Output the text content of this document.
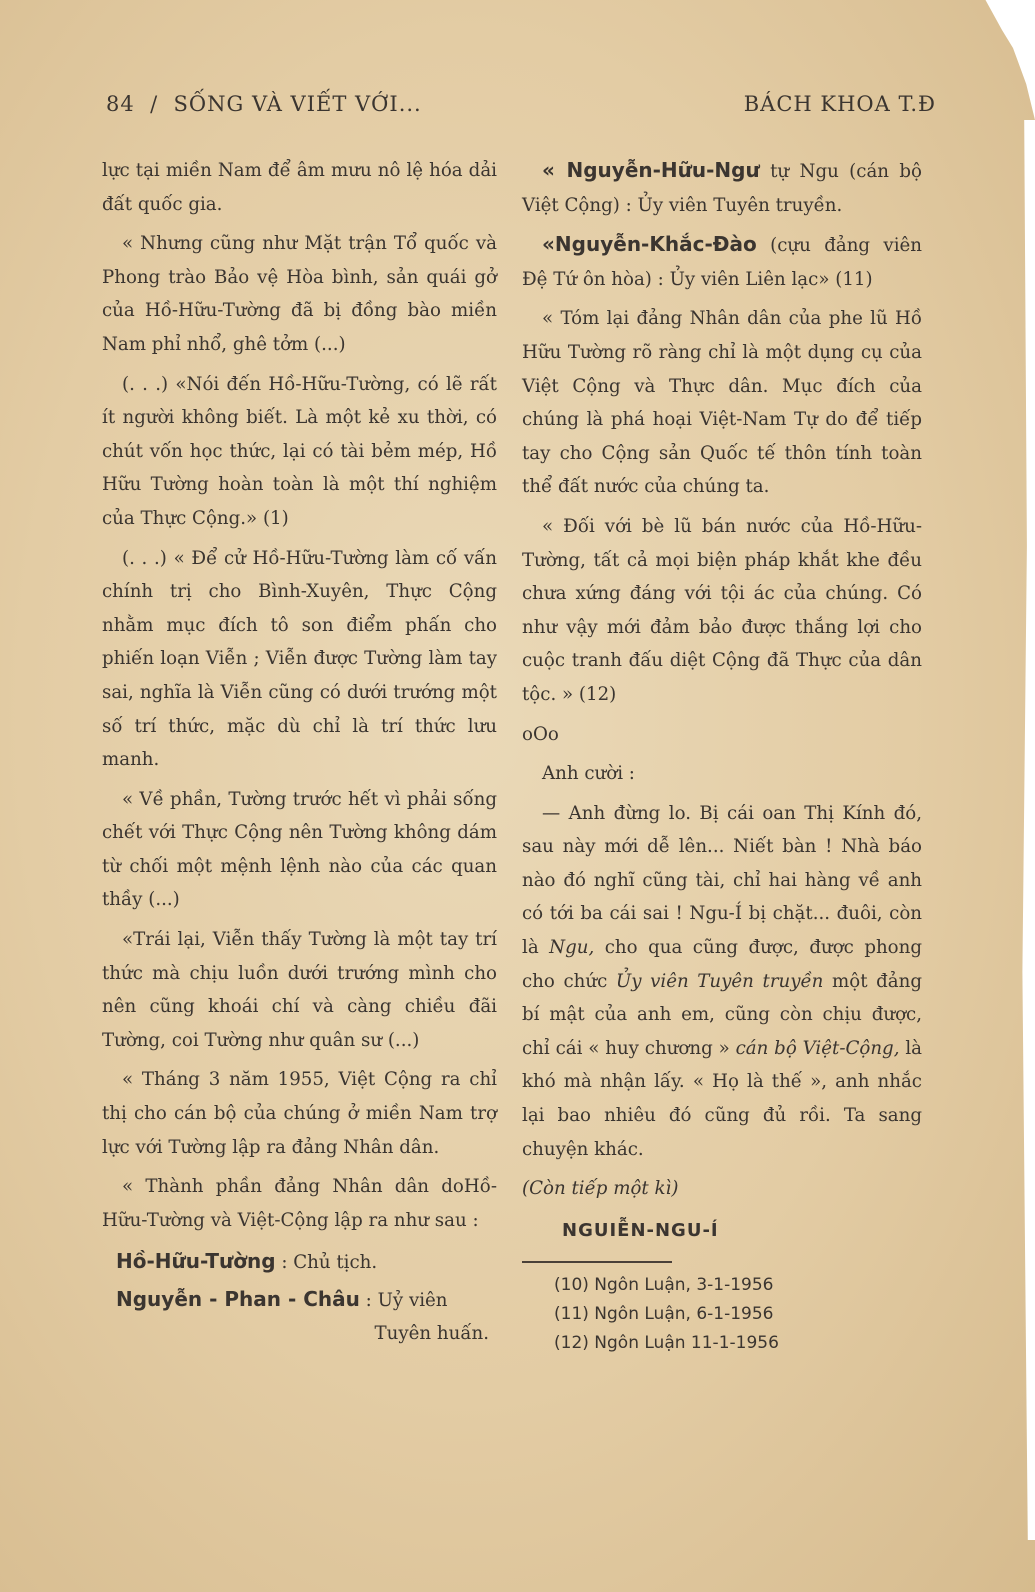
84 / SỐNG VÀ VIẾT VỚI...	BÁCH KHOA T.Đ

lực tại miền Nam để âm mưu nô lệ hóa dải đất quốc gia.

« Nhưng cũng như Mặt trận Tổ quốc và Phong trào Bảo vệ Hòa bình, sản quái gở của Hồ-Hữu-Tường đã bị đồng bào miền Nam phỉ nhổ, ghê tởm (...)

(. . .) «Nói đến Hồ-Hữu-Tường, có lẽ rất ít người không biết. Là một kẻ xu thời, có chút vốn học thức, lại có tài bẻm mép, Hồ Hữu Tường hoàn toàn là một thí nghiệm của Thực Cộng.» (1)

(. . .) « Để cử Hồ-Hữu-Tường làm cố vấn chính trị cho Bình-Xuyên, Thực Cộng nhằm mục đích tô son điểm phấn cho phiến loạn Viễn ; Viễn được Tường làm tay sai, nghĩa là Viễn cũng có dưới trướng một số trí thức, mặc dù chỉ là trí thức lưu manh.

« Về phần, Tường trước hết vì phải sống chết với Thực Cộng nên Tường không dám từ chối một mệnh lệnh nào của các quan thầy (...)

«Trái lại, Viễn thấy Tường là một tay trí thức mà chịu luồn dưới trướng mình cho nên cũng khoái chí và càng chiều đãi Tường, coi Tường như quân sư (...)

« Tháng 3 năm 1955, Việt Cộng ra chỉ thị cho cán bộ của chúng ở miền Nam trợ lực với Tường lập ra đảng Nhân dân.

« Thành phần đảng Nhân dân doHồ-Hữu-Tường và Việt-Cộng lập ra như sau :

Hồ-Hữu-Tường : Chủ tịch.
Nguyễn - Phan - Châu : Uỷ viên
Tuyên huấn.

« Nguyễn-Hữu-Ngư tự Ngu (cán bộ Việt Cộng) : Ủy viên Tuyên truyền.

«Nguyễn-Khắc-Đào (cựu đảng viên Đệ Tứ ôn hòa) : Ủy viên Liên lạc» (11)

« Tóm lại đảng Nhân dân của phe lũ Hồ Hữu Tường rõ ràng chỉ là một dụng cụ của Việt Cộng và Thực dân. Mục đích của chúng là phá hoại Việt-Nam Tự do để tiếp tay cho Cộng sản Quốc tế thôn tính toàn thể đất nước của chúng ta.

« Đối với bè lũ bán nước của Hồ-Hữu-Tường, tất cả mọi biện pháp khắt khe đều chưa xứng đáng với tội ác của chúng. Có như vậy mới đảm bảo được thắng lợi cho cuộc tranh đấu diệt Cộng đã Thực của dân tộc. » (12)

oOo

Anh cười :

— Anh đừng lo. Bị cái oan Thị Kính đó, sau này mới dễ lên... Niết bàn ! Nhà báo nào đó nghĩ cũng tài, chỉ hai hàng về anh có tới ba cái sai ! Ngu-Í bị chặt... đuôi, còn là Ngu, cho qua cũng được, được phong cho chức Ủy viên Tuyên truyền một đảng bí mật của anh em, cũng còn chịu được, chỉ cái « huy chương » cán bộ Việt-Cộng, là khó mà nhận lấy. « Họ là thế », anh nhắc lại bao nhiêu đó cũng đủ rồi. Ta sang chuyện khác.

(Còn tiếp một kì)

NGUIỄN-NGU-Í

(10) Ngôn Luận, 3-1-1956
(11) Ngôn Luận, 6-1-1956
(12) Ngôn Luận 11-1-1956
